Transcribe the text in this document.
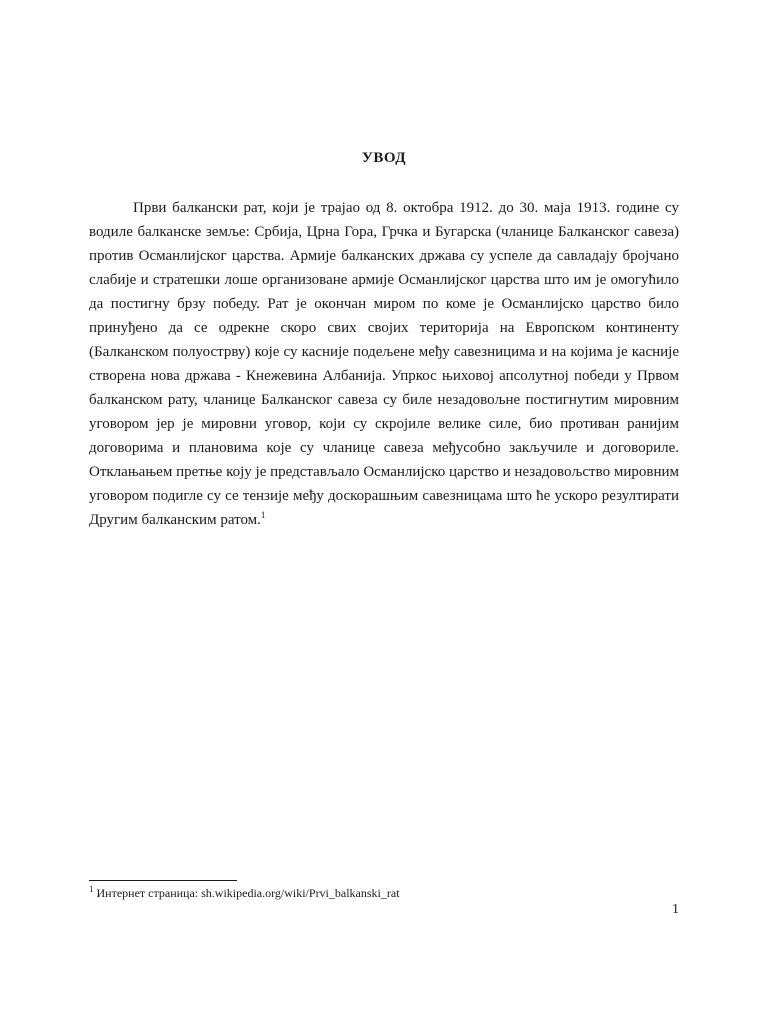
УВОД

Први балкански рат, који је трајао од 8. октобра 1912. до 30. маја 1913. године су водиле балканске земље: Србија, Црна Гора, Грчка и Бугарска (чланице Балканског савеза) против Османлијског царства. Армије балканских држава су успеле да савладају бројчано слабије и стратешки лоше организоване армије Османлијског царства што им је омогућило да постигну брзу победу. Рат је окончан миром по коме је Османлијско царство било принуђено да се одрекне скоро свих својих територија на Европском континенту (Балканском полуострву) које су касније подељене међу савезницима и на којима је касније створена нова држава - Кнежевина Албанија. Упркос њиховој апсолутној победи у Првом балканском рату, чланице Балканског савеза су биле незадовољне постигнутим мировним уговором јер је мировни уговор, који су скројиле велике силе, био противан ранијим договорима и плановима које су чланице савеза међусобно закључиле и договориле. Отклањањем претње коју је представљало Османлијско царство и незадовољство мировним уговором подигле су се тензије међу доскорашњим савезницама што ће ускоро резултирати Другим балканским ратом.$^1$

$^1$ Интернет страница: sh.wikipedia.org/wiki/Prvi_balkanski_rat
1
